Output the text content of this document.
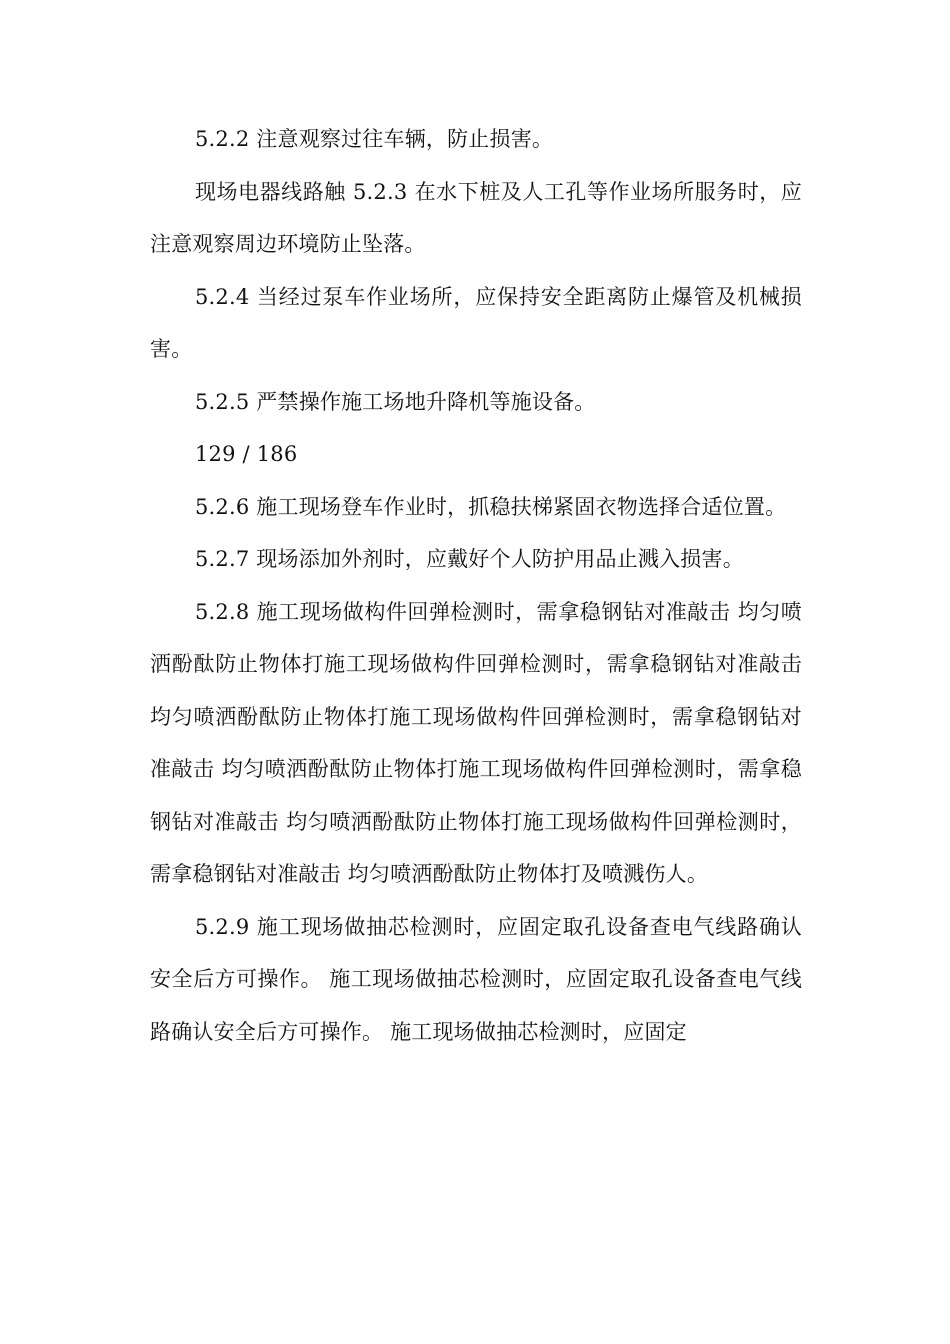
5.2.2 注意观察过往车辆，防止损害。

现场电器线路触 5.2.3 在水下桩及人工孔等作业场所服务时，应注意观察周边环境防止坠落。

5.2.4 当经过泵车作业场所，应保持安全距离防止爆管及机械损害。

5.2.5 严禁操作施工场地升降机等施设备。

129 / 186

5.2.6 施工现场登车作业时，抓稳扶梯紧固衣物选择合适位置。

5.2.7 现场添加外剂时，应戴好个人防护用品止溅入损害。

5.2.8 施工现场做构件回弹检测时，需拿稳钢钻对准敲击 均匀喷洒酚酞防止物体打施工现场做构件回弹检测时，需拿稳钢钻对准敲击 均匀喷洒酚酞防止物体打施工现场做构件回弹检测时，需拿稳钢钻对准敲击 均匀喷洒酚酞防止物体打施工现场做构件回弹检测时，需拿稳钢钻对准敲击 均匀喷洒酚酞防止物体打施工现场做构件回弹检测时，需拿稳钢钻对准敲击 均匀喷洒酚酞防止物体打及喷溅伤人。

5.2.9 施工现场做抽芯检测时，应固定取孔设备查电气线路确认安全后方可操作。 施工现场做抽芯检测时，应固定取孔设备查电气线路确认安全后方可操作。 施工现场做抽芯检测时，应固定
